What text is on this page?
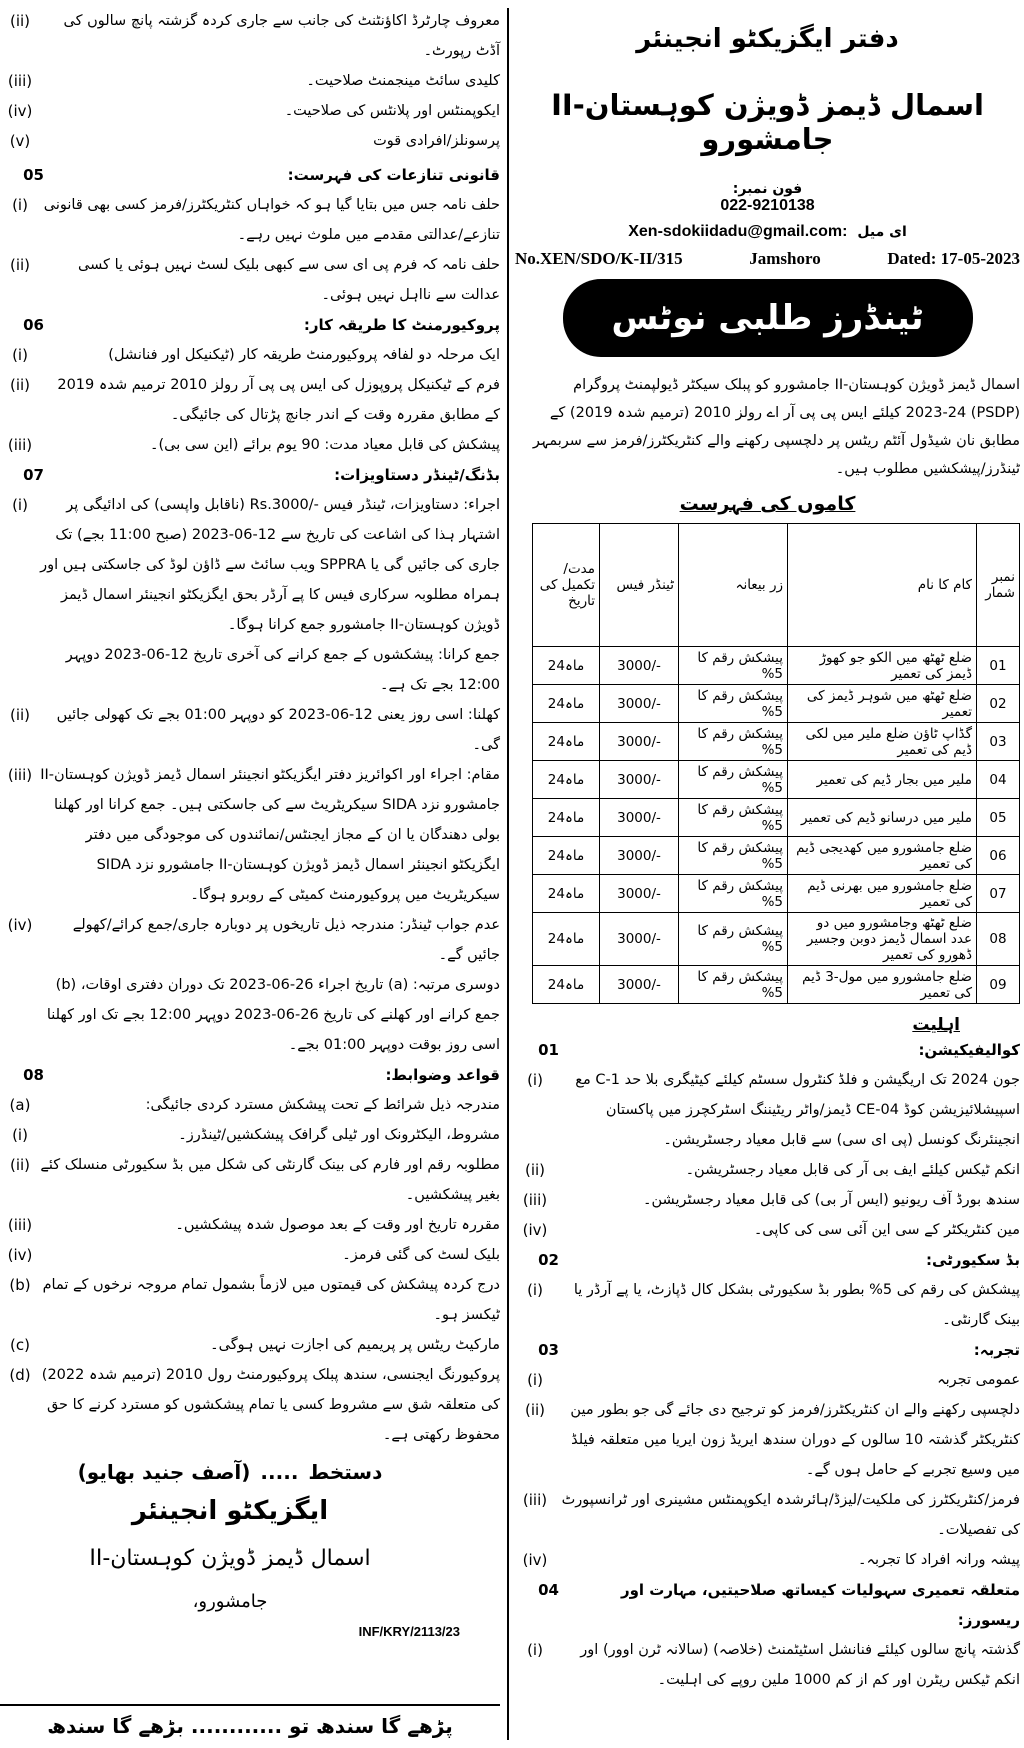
(ii)	معروف چارٹرڈ اکاؤنٹنٹ کی جانب سے جاری کردہ گزشتہ پانچ سالوں کی آڈٹ رپورٹ۔
(iii)	کلیدی سائٹ مینجمنٹ صلاحیت۔
(iv)	ایکوپمنٹس اور پلانٹس کی صلاحیت۔
(v)	پرسونلز/افرادی قوت
05	قانونی تنازعات کی فہرست:
(i)	حلف نامہ جس میں بتایا گیا ہو کہ خواہاں کنٹریکٹرز/فرمز کسی بھی قانونی تنازعے/عدالتی مقدمے میں ملوث نہیں رہے۔
(ii)	حلف نامہ کہ فرم پی ای سی سے کبھی بلیک لسٹ نہیں ہوئی یا کسی عدالت سے نااہل نہیں ہوئی۔
06	پروکیورمنٹ کا طریقہ کار:
(i)	ایک مرحلہ دو لفافہ پروکیورمنٹ طریقہ کار (ٹیکنیکل اور فنانشل)
(ii)	فرم کے ٹیکنیکل پروپوزل کی ایس پی پی آر رولز 2010 ترمیم شدہ 2019 کے مطابق مقررہ وقت کے اندر جانچ پڑتال کی جائیگی۔
(iii)	پیشکش کی قابل معیاد مدت: 90 یوم برائے (این سی بی)۔
07	بڈنگ/ٹینڈر دستاویزات:
(i)	اجراء: دستاویزات، ٹینڈر فیس -/Rs.3000 (ناقابل واپسی) کی ادائیگی پر اشتہار ہذا کی اشاعت کی تاریخ سے 12-06-2023 (صبح 11:00 بجے) تک جاری کی جائیں گی یا SPPRA ویب سائٹ سے ڈاؤن لوڈ کی جاسکتی ہیں اور ہمراہ مطلوبہ سرکاری فیس کا پے آرڈر بحق ایگزیکٹو انجینئر اسمال ڈیمز ڈویژن کوہستان-II جامشورو جمع کرانا ہوگا۔
جمع کرانا: پیشکشوں کے جمع کرانے کی آخری تاریخ 12-06-2023 دوپہر 12:00 بجے تک ہے۔
(ii)	کھلنا: اسی روز یعنی 12-06-2023 کو دوپہر 01:00 بجے تک کھولی جائیں گی۔
(iii) مقام: اجراء اور اکوائریز دفتر ایگزیکٹو انجینئر اسمال ڈیمز ڈویژن کوہستان-II جامشورو نزد SIDA سیکریٹریٹ سے کی جاسکتی ہیں۔ جمع کرانا اور کھلنا بولی دھندگان یا ان کے مجاز ایجنٹس/نمائندوں کی موجودگی میں دفتر ایگزیکٹو انجینئر اسمال ڈیمز ڈویژن کوہستان-II جامشورو نزد SIDA سیکریٹریٹ میں پروکیورمنٹ کمیٹی کے روبرو ہوگا۔
(iv)	عدم جواب ٹینڈر: مندرجہ ذیل تاریخوں پر دوبارہ جاری/جمع کرائے/کھولے جائیں گے۔
دوسری مرتبہ: (a) تاریخ اجراء 26-06-2023 تک دوران دفتری اوقات، (b) جمع کرانے اور کھلنے کی تاریخ 26-06-2023 دوپہر 12:00 بجے تک اور کھلنا اسی روز بوقت دوپہر 01:00 بجے۔
08	قواعد وضوابط:
(a)	مندرجہ ذیل شرائط کے تحت پیشکش مسترد کردی جائیگی:
(i)	مشروط، الیکٹرونک اور ٹیلی گرافک پیشکشیں/ٹینڈرز۔
(ii) مطلوبہ رقم اور فارم کی بینک گارنٹی کی شکل میں بڈ سکیورٹی منسلک کئے بغیر پیشکشیں۔
(iii)	مقررہ تاریخ اور وقت کے بعد موصول شدہ پیشکشیں۔
(iv)	بلیک لسٹ کی گئی فرمز۔
(b) درج کردہ پیشکش کی قیمتوں میں لازماً بشمول تمام مروجہ نرخوں کے تمام ٹیکسز ہو۔
(c)	مارکیٹ ریٹس پر پریمیم کی اجازت نہیں ہوگی۔
(d) پروکیورنگ ایجنسی، سندھ پبلک پروکیورمنٹ رول 2010 (ترمیم شدہ 2022) کی متعلقہ شق سے مشروط کسی یا تمام پیشکشوں کو مسترد کرنے کا حق محفوظ رکھتی ہے۔
دستخط
.....
(آصف جنید بھایو)
ایگزیکٹو انجینئر
اسمال ڈیمز ڈویژن کوہستان-II
جامشورو،
INF/KRY/2113/23
پڑھے گا سندھ تو ............ بڑھے گا سندھ
دفتر ایگزیکٹو انجینئر
اسمال ڈیمز ڈویژن کوہستان-II جامشورو
فون نمبر:
022-9210138
ای میل
Xen-sdokiidadu@gmail.com:
No.XEN/SDO/K-II/315	Jamshoro	Dated: 17-05-2023
ٹینڈرز طلبی نوٹس
اسمال ڈیمز ڈویژن کوہستان-II جامشورو کو پبلک سیکٹر ڈیولپمنٹ پروگرام (PSDP) 2023-24 کیلئے ایس پی پی آر اے رولز 2010 (ترمیم شدہ 2019) کے مطابق نان شیڈول آئٹم ریٹس پر دلچسپی رکھنے والے کنٹریکٹرز/فرمز سے سربمہر ٹینڈرز/پیشکشیں مطلوب ہیں۔
کاموں کی فہرست
نمبر شمار	کام کا نام	زر بیعانہ	ٹینڈر فیس	مدت/ تکمیل کی تاریخ
01	ضلع ٹھٹھ میں الکو جو کھوڑ ڈیمز کی تعمیر	پیشکش رقم کا 5%	3000/-	24ماہ
02	ضلع ٹھٹھ میں شوہر ڈیمز کی تعمیر	پیشکش رقم کا 5%	3000/-	24ماہ
03	گڈاپ ٹاؤن ضلع ملیر میں لکی ڈیم کی تعمیر	پیشکش رقم کا 5%	3000/-	24ماہ
04	ملیر میں بجار ڈیم کی تعمیر	پیشکش رقم کا 5%	3000/-	24ماہ
05	ملیر میں درسانو ڈیم کی تعمیر	پیشکش رقم کا 5%	3000/-	24ماہ
06	ضلع جامشورو میں کھدیجی ڈیم کی تعمیر	پیشکش رقم کا 5%	3000/-	24ماہ
07	ضلع جامشورو میں بھرنی ڈیم کی تعمیر	پیشکش رقم کا 5%	3000/-	24ماہ
08	ضلع ٹھٹھ وجامشورو میں دو عدد اسمال ڈیمز دوبن وجسیر ڈھورو کی تعمیر	پیشکش رقم کا 5%	3000/-	24ماہ
09	ضلع جامشورو میں مول-3 ڈیم کی تعمیر	پیشکش رقم کا 5%	3000/-	24ماہ
اہلیت
01	کوالیفیکیشن:
(i)	جون 2024 تک اریگیشن و فلڈ کنٹرول سسٹم کیلئے کیٹیگری بلا حد C-1 مع اسپیشلائیزیشن کوڈ CE-04 ڈیمز/واٹر ریٹیننگ اسٹرکچرز میں پاکستان انجینئرنگ کونسل (پی ای سی) سے قابل معیاد رجسٹریشن۔
(ii)	انکم ٹیکس کیلئے ایف بی آر کی قابل معیاد رجسٹریشن۔
(iii)	سندھ بورڈ آف ریونیو (ایس آر بی) کی قابل معیاد رجسٹریشن۔
(iv)	مین کنٹریکٹر کے سی این آئی سی کی کاپی۔
02	بڈ سکیورٹی:
(i)	پیشکش کی رقم کی 5% بطور بڈ سکیورٹی بشکل کال ڈپازٹ، یا پے آرڈر یا بینک گارنٹی۔
03	تجربہ:
(i)	عمومی تجربہ
(ii)	دلچسپی رکھنے والے ان کنٹریکٹرز/فرمز کو ترجیح دی جائے گی جو بطور مین کنٹریکٹر گذشتہ 10 سالوں کے دوران سندھ ایریڈ زون ایریا میں متعلقہ فیلڈ میں وسیع تجربے کے حامل ہوں گے۔
(iii)	فرمز/کنٹریکٹرز کی ملکیت/لیزڈ/ہائرشدہ ایکوپمنٹس مشینری اور ٹرانسپورٹ کی تفصیلات۔
(iv)	پیشہ ورانہ افراد کا تجربہ۔
04	متعلقہ تعمیری سہولیات کیساتھ صلاحیتیں، مہارت اور ریسورز:
(i)	گذشتہ پانچ سالوں کیلئے فنانشل اسٹیٹمنٹ (خلاصہ) (سالانہ ٹرن اوور) اور انکم ٹیکس ریٹرن اور کم از کم 1000 ملین روپے کی اہلیت۔
